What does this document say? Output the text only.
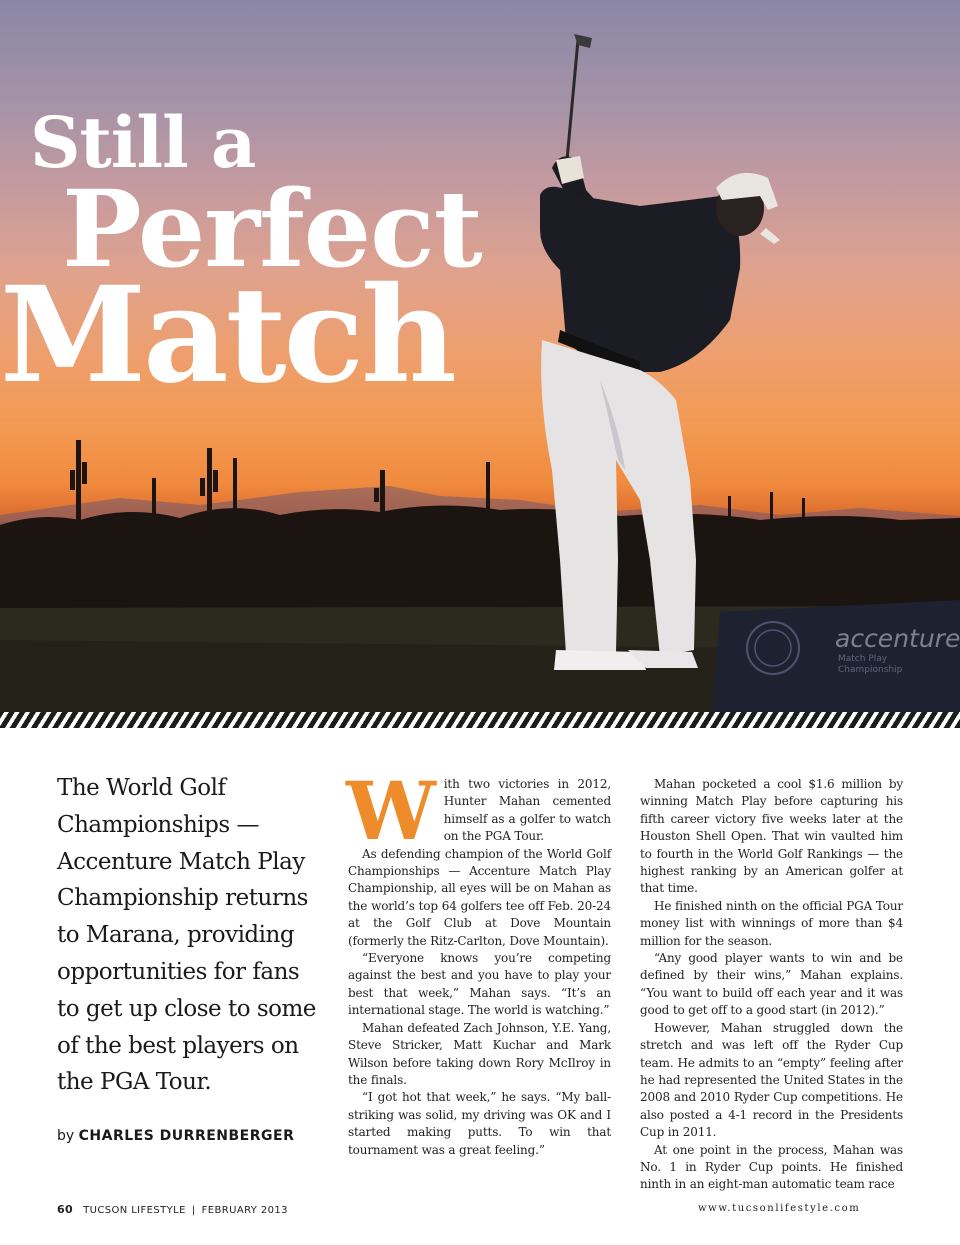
Still a
Perfect
Match
accenture
Match Play Championship
The World Golf Championships — Accenture Match Play Championship returns to Marana, providing opportunities for fans to get up close to some of the best players on the PGA Tour.
by CHARLES DURRENBERGER

With two victories in 2012, Hunter Mahan cemented himself as a golfer to watch on the PGA Tour.

As defending champion of the World Golf Championships — Accenture Match Play Championship, all eyes will be on Mahan as the world’s top 64 golfers tee off Feb. 20-24 at the Golf Club at Dove Mountain (formerly the Ritz-Carlton, Dove Mountain).

“Everyone knows you’re competing against the best and you have to play your best that week,” Mahan says. “It’s an international stage. The world is watching.”

Mahan defeated Zach Johnson, Y.E. Yang, Steve Stricker, Matt Kuchar and Mark Wilson before taking down Rory McIlroy in the finals.

“I got hot that week,” he says. “My ball-striking was solid, my driving was OK and I started making putts. To win that tournament was a great feeling.”

Mahan pocketed a cool $1.6 million by winning Match Play before capturing his fifth career victory five weeks later at the Houston Shell Open. That win vaulted him to fourth in the World Golf Rankings — the highest ranking by an American golfer at that time.

He finished ninth on the official PGA Tour money list with winnings of more than $4 million for the season.

“Any good player wants to win and be defined by their wins,” Mahan explains. “You want to build off each year and it was good to get off to a good start (in 2012).”

However, Mahan struggled down the stretch and was left off the Ryder Cup team. He admits to an “empty” feeling after he had represented the United States in the 2008 and 2010 Ryder Cup competitions. He also posted a 4-1 record in the Presidents Cup in 2011.

At one point in the process, Mahan was No. 1 in Ryder Cup points. He finished ninth in an eight-man automatic team race

60 TUCSON LIFESTYLE | FEBRUARY 2013	www.tucsonlifestyle.com
